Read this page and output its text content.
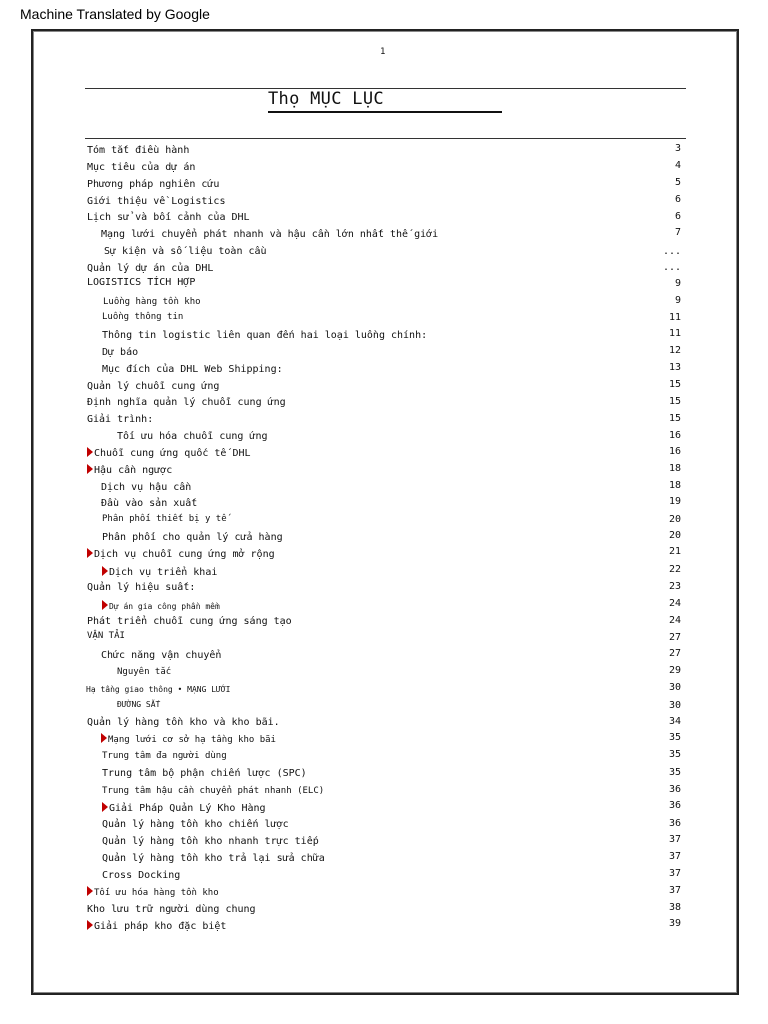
Machine Translated by Google
1
Thọ MỤC LỤC
Tóm tắt điều hành	3
Mục tiêu của dự án	4
Phương pháp nghiên cứu	5
Giới thiệu về Logistics	6
Lịch sử và bối cảnh của DHL	6
Mạng lưới chuyển phát nhanh và hậu cần lớn nhất thế giới	7
Sự kiện và số liệu toàn cầu	...
Quản lý dự án của DHL	...
LOGISTICS TÍCH HỢP	9
Luồng hàng tồn kho	9
Luồng thông tin	11
Thông tin logistic liên quan đến hai loại luồng chính:	11
Dự báo	12
Mục đích của DHL Web Shipping:	13
Quản lý chuỗi cung ứng	15
Định nghĩa quản lý chuỗi cung ứng	15
Giải trình:	15
Tối ưu hóa chuỗi cung ứng	16
Chuỗi cung ứng quốc tế DHL	16
Hậu cần ngược	18
Dịch vụ hậu cần	18
Đầu vào sản xuất	19
Phân phối thiết bị y tế	20
Phân phối cho quản lý cửa hàng	20
Dịch vụ chuỗi cung ứng mở rộng	21
Dịch vụ triển khai	22
Quản lý hiệu suất:	23
Dự án gia công phần mềm	24
Phát triển chuỗi cung ứng sáng tạo	24
VẬN TẢI	27
Chức năng vận chuyển	27
Nguyên tắc	29
Hạ tầng giao thông • MẠNG LƯỚI	30
ĐƯỜNG SẮT	30
Quản lý hàng tồn kho và kho bãi.	34
Mạng lưới cơ sở hạ tầng kho bãi	35
Trung tâm đa người dùng	35
Trung tâm bộ phận chiến lược (SPC)	35
Trung tâm hậu cần chuyển phát nhanh (ELC)	36
Giải Pháp Quản Lý Kho Hàng	36
Quản lý hàng tồn kho chiến lược	36
Quản lý hàng tồn kho nhanh trực tiếp	37
Quản lý hàng tồn kho trả lại sửa chữa	37
Cross Docking	37
Tối ưu hóa hàng tồn kho	37
Kho lưu trữ người dùng chung	38
Giải pháp kho đặc biệt	39
